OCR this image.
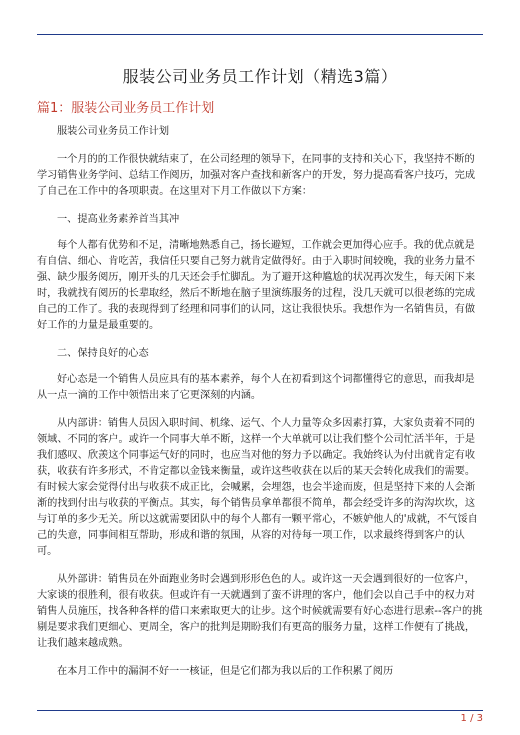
服装公司业务员工作计划（精选3篇）
篇1：服装公司业务员工作计划

服装公司业务员工作计划

一个月的的工作很快就结束了，在公司经理的领导下，在同事的支持和关心下，我坚持不断的学习销售业务学问、总结工作阅历，加强对客户查找和新客户的开发，努力提高看客户技巧，完成了自己在工作中的各项职责。在这里对下月工作做以下方案：

一、提高业务素养首当其冲

每个人都有优势和不足，清晰地熟悉自己，扬长避短，工作就会更加得心应手。我的优点就是有自信、细心、肯吃苦，我信任只要自己努力就肯定做得好。由于入职时间较晚，我的业务力量不强、缺少服务阅历，刚开头的几天还会手忙脚乱。为了避开这种尴尬的状况再次发生，每天闲下来时，我就找有阅历的长辈取经，然后不断地在脑子里演练服务的过程，没几天就可以很老练的完成自己的工作了。我的表现得到了经理和同事们的认同，这让我很快乐。我想作为一名销售员，有做好工作的力量是最重要的。

二、保持良好的心态

好心态是一个销售人员应具有的基本素养，每个人在初看到这个词都懂得它的意思，而我却是从一点一滴的工作中领悟出来了它更深刻的内涵。

从内部讲：销售人员因入职时间、机缘、运气、个人力量等众多因素打算，大家负责着不同的领域、不同的客户。或许一个同事大单不断，这样一个大单就可以让我们整个公司忙活半年，于是我们感叹、欣羡这个同事运气好的同时，也应当对他的努力予以确定。我始终认为付出就肯定有收获，收获有许多形式，不肯定都以金钱来衡量，或许这些收获在以后的某天会转化成我们的需要。有时候大家会觉得付出与收获不成正比，会喊累，会埋怨，也会半途而废，但是坚持下来的人会渐渐的找到付出与收获的平衡点。其实，每个销售员拿单都很不简单，都会经受许多的沟沟坎坎，这与订单的多少无关。所以这就需要团队中的每个人都有一颗平常心，不嫉妒他人的'成就，不气馁自己的失意，同事间相互帮助，形成和谐的氛围，从容的对待每一项工作，以求最终得到客户的认可。

从外部讲：销售员在外面跑业务时会遇到形形色色的人。或许这一天会遇到很好的一位客户，大家谈的很胜利，很有收获。但或许有一天就遇到了蛮不讲理的客户，他们会以自己手中的权力对销售人员施压，找各种各样的借口来索取更大的让步。这个时候就需要有好心态进行思索--客户的挑剔是要求我们更细心、更周全，客户的批判是期盼我们有更高的服务力量，这样工作便有了挑战，让我们越来越成熟。

在本月工作中的漏洞不好一一核证，但是它们都为我以后的工作积累了阅历

1 / 3
